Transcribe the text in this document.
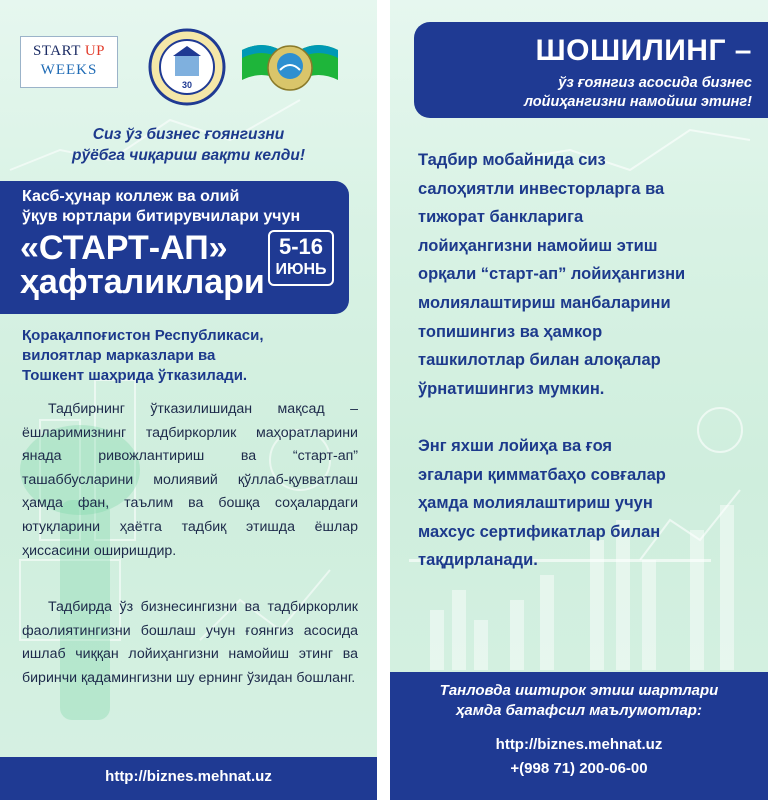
START UP
WEEKS
30
Сиз ўз бизнес ғоянгизни
рўёбга чиқариш вақти келди!
Касб-ҳунар коллеж ва олий
ўқув юртлари битирувчилари учун
«СТАРТ-АП»
ҳафталиклари
5-16
ИЮНЬ
Қорақалпоғистон Республикаси,
вилоятлар марказлари ва
Тошкент шаҳрида ўтказилади.
Тадбирнинг ўтказилишидан мақсад – ёшларимизнинг тадбиркорлик маҳоратларини янада ривожлантириш ва “старт-ап” ташаббусларини молиявий қўллаб-қувватлаш ҳамда фан, таълим ва бошқа соҳалардаги ютуқларини ҳаётга тадбиқ этишда ёшлар ҳиссасини оширишдир.
Тадбирда ўз бизнесингизни ва тадбиркорлик фаолиятингизни бошлаш учун ғоянгиз асосида ишлаб чиққан лойиҳангизни намойиш этинг ва биринчи қадамингизни шу ернинг ўзидан бошланг.
http://biznes.mehnat.uz
ШОШИЛИНГ –
ўз ғоянгиз асосида бизнес
лойиҳангизни намойиш этинг!
Тадбир мобайнида сиз
салоҳиятли инвесторларга ва
тижорат банкларига
лойиҳангизни намойиш этиш
орқали “старт-ап” лойиҳангизни
молиялаштириш манбаларини
топишингиз ва ҳамкор
ташкилотлар билан алоқалар
ўрнатишингиз мумкин.
Энг яхши лойиҳа ва ғоя
эгалари қимматбаҳо совғалар
ҳамда молиялаштириш учун
махсус сертификатлар билан
тақдирланади.
Танловда иштирок этиш шартлари
ҳамда батафсил маълумотлар:
http://biznes.mehnat.uz
+(998 71) 200-06-00
